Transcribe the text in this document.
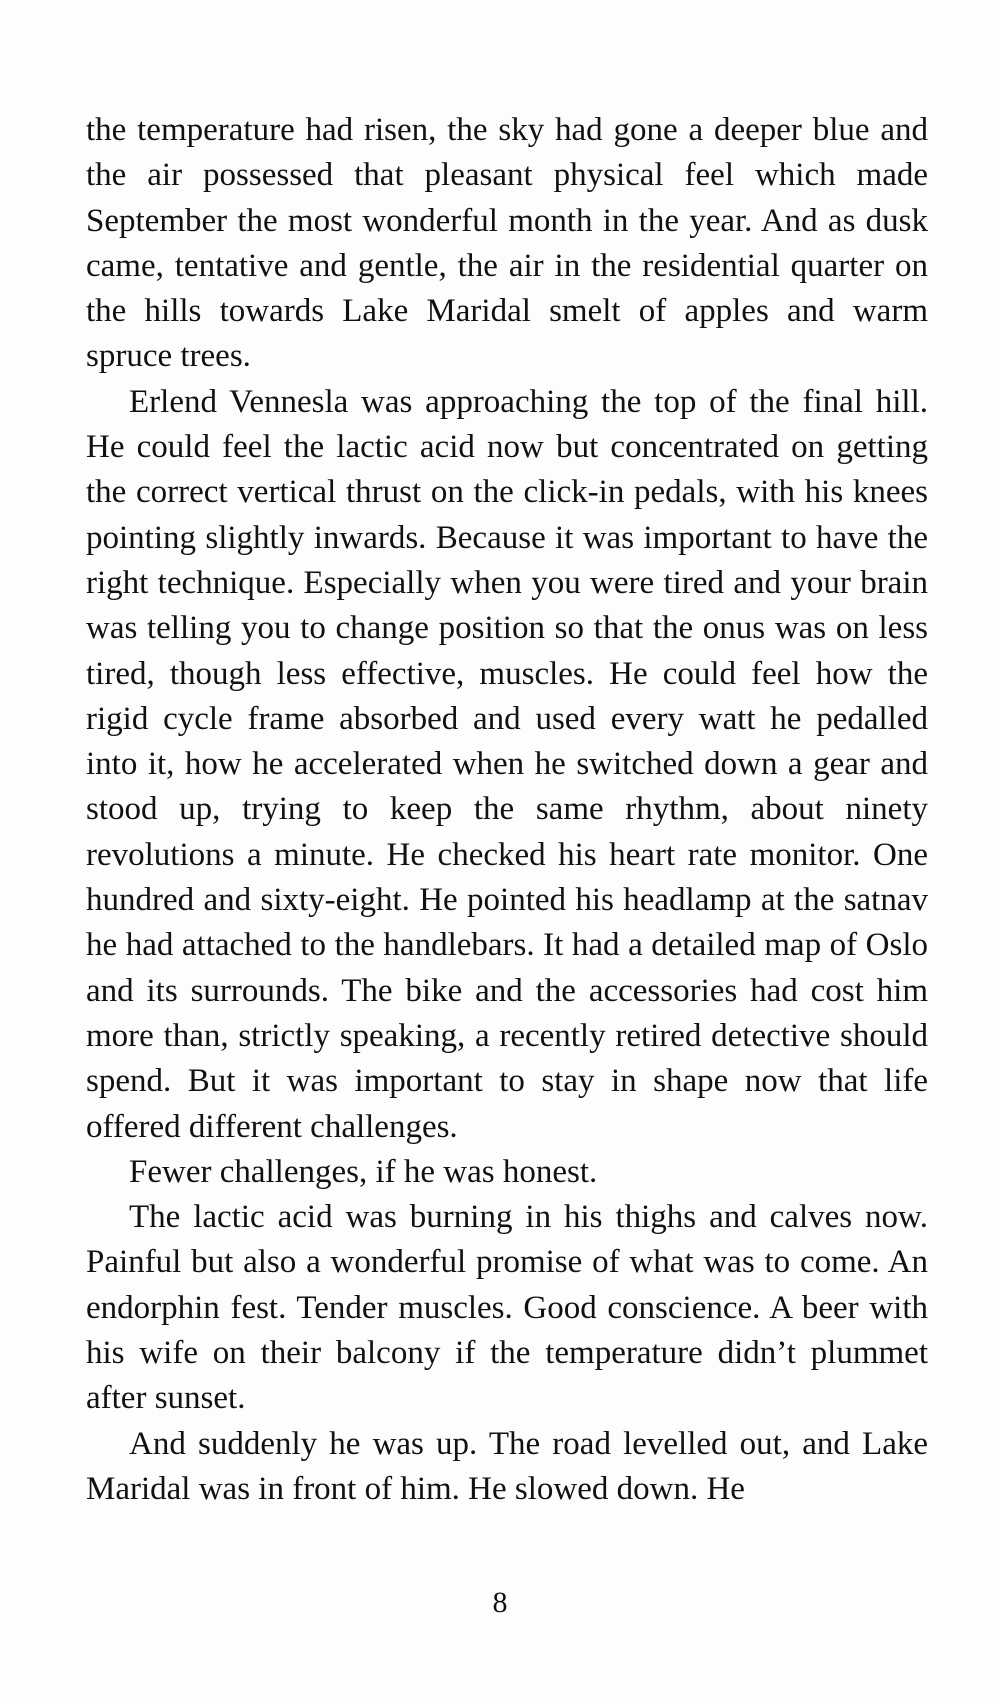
the temperature had risen, the sky had gone a deeper blue and the air possessed that pleasant physical feel which made September the most wonderful month in the year. And as dusk came, tentative and gentle, the air in the residential quarter on the hills towards Lake Maridal smelt of apples and warm spruce trees.

Erlend Vennesla was approaching the top of the final hill. He could feel the lactic acid now but concentrated on getting the correct vertical thrust on the click-in pedals, with his knees pointing slightly inwards. Because it was important to have the right technique. Especially when you were tired and your brain was telling you to change position so that the onus was on less tired, though less effective, muscles. He could feel how the rigid cycle frame absorbed and used every watt he pedalled into it, how he accelerated when he switched down a gear and stood up, trying to keep the same rhythm, about ninety revolutions a minute. He checked his heart rate monitor. One hundred and sixty-eight. He pointed his headlamp at the satnav he had attached to the handlebars. It had a detailed map of Oslo and its surrounds. The bike and the accessories had cost him more than, strictly speaking, a recently retired detective should spend. But it was important to stay in shape now that life offered different challenges.

Fewer challenges, if he was honest.

The lactic acid was burning in his thighs and calves now. Painful but also a wonderful promise of what was to come. An endorphin fest. Tender muscles. Good conscience. A beer with his wife on their balcony if the temperature didn’t plummet after sunset.

And suddenly he was up. The road levelled out, and Lake Maridal was in front of him. He slowed down. He

8
